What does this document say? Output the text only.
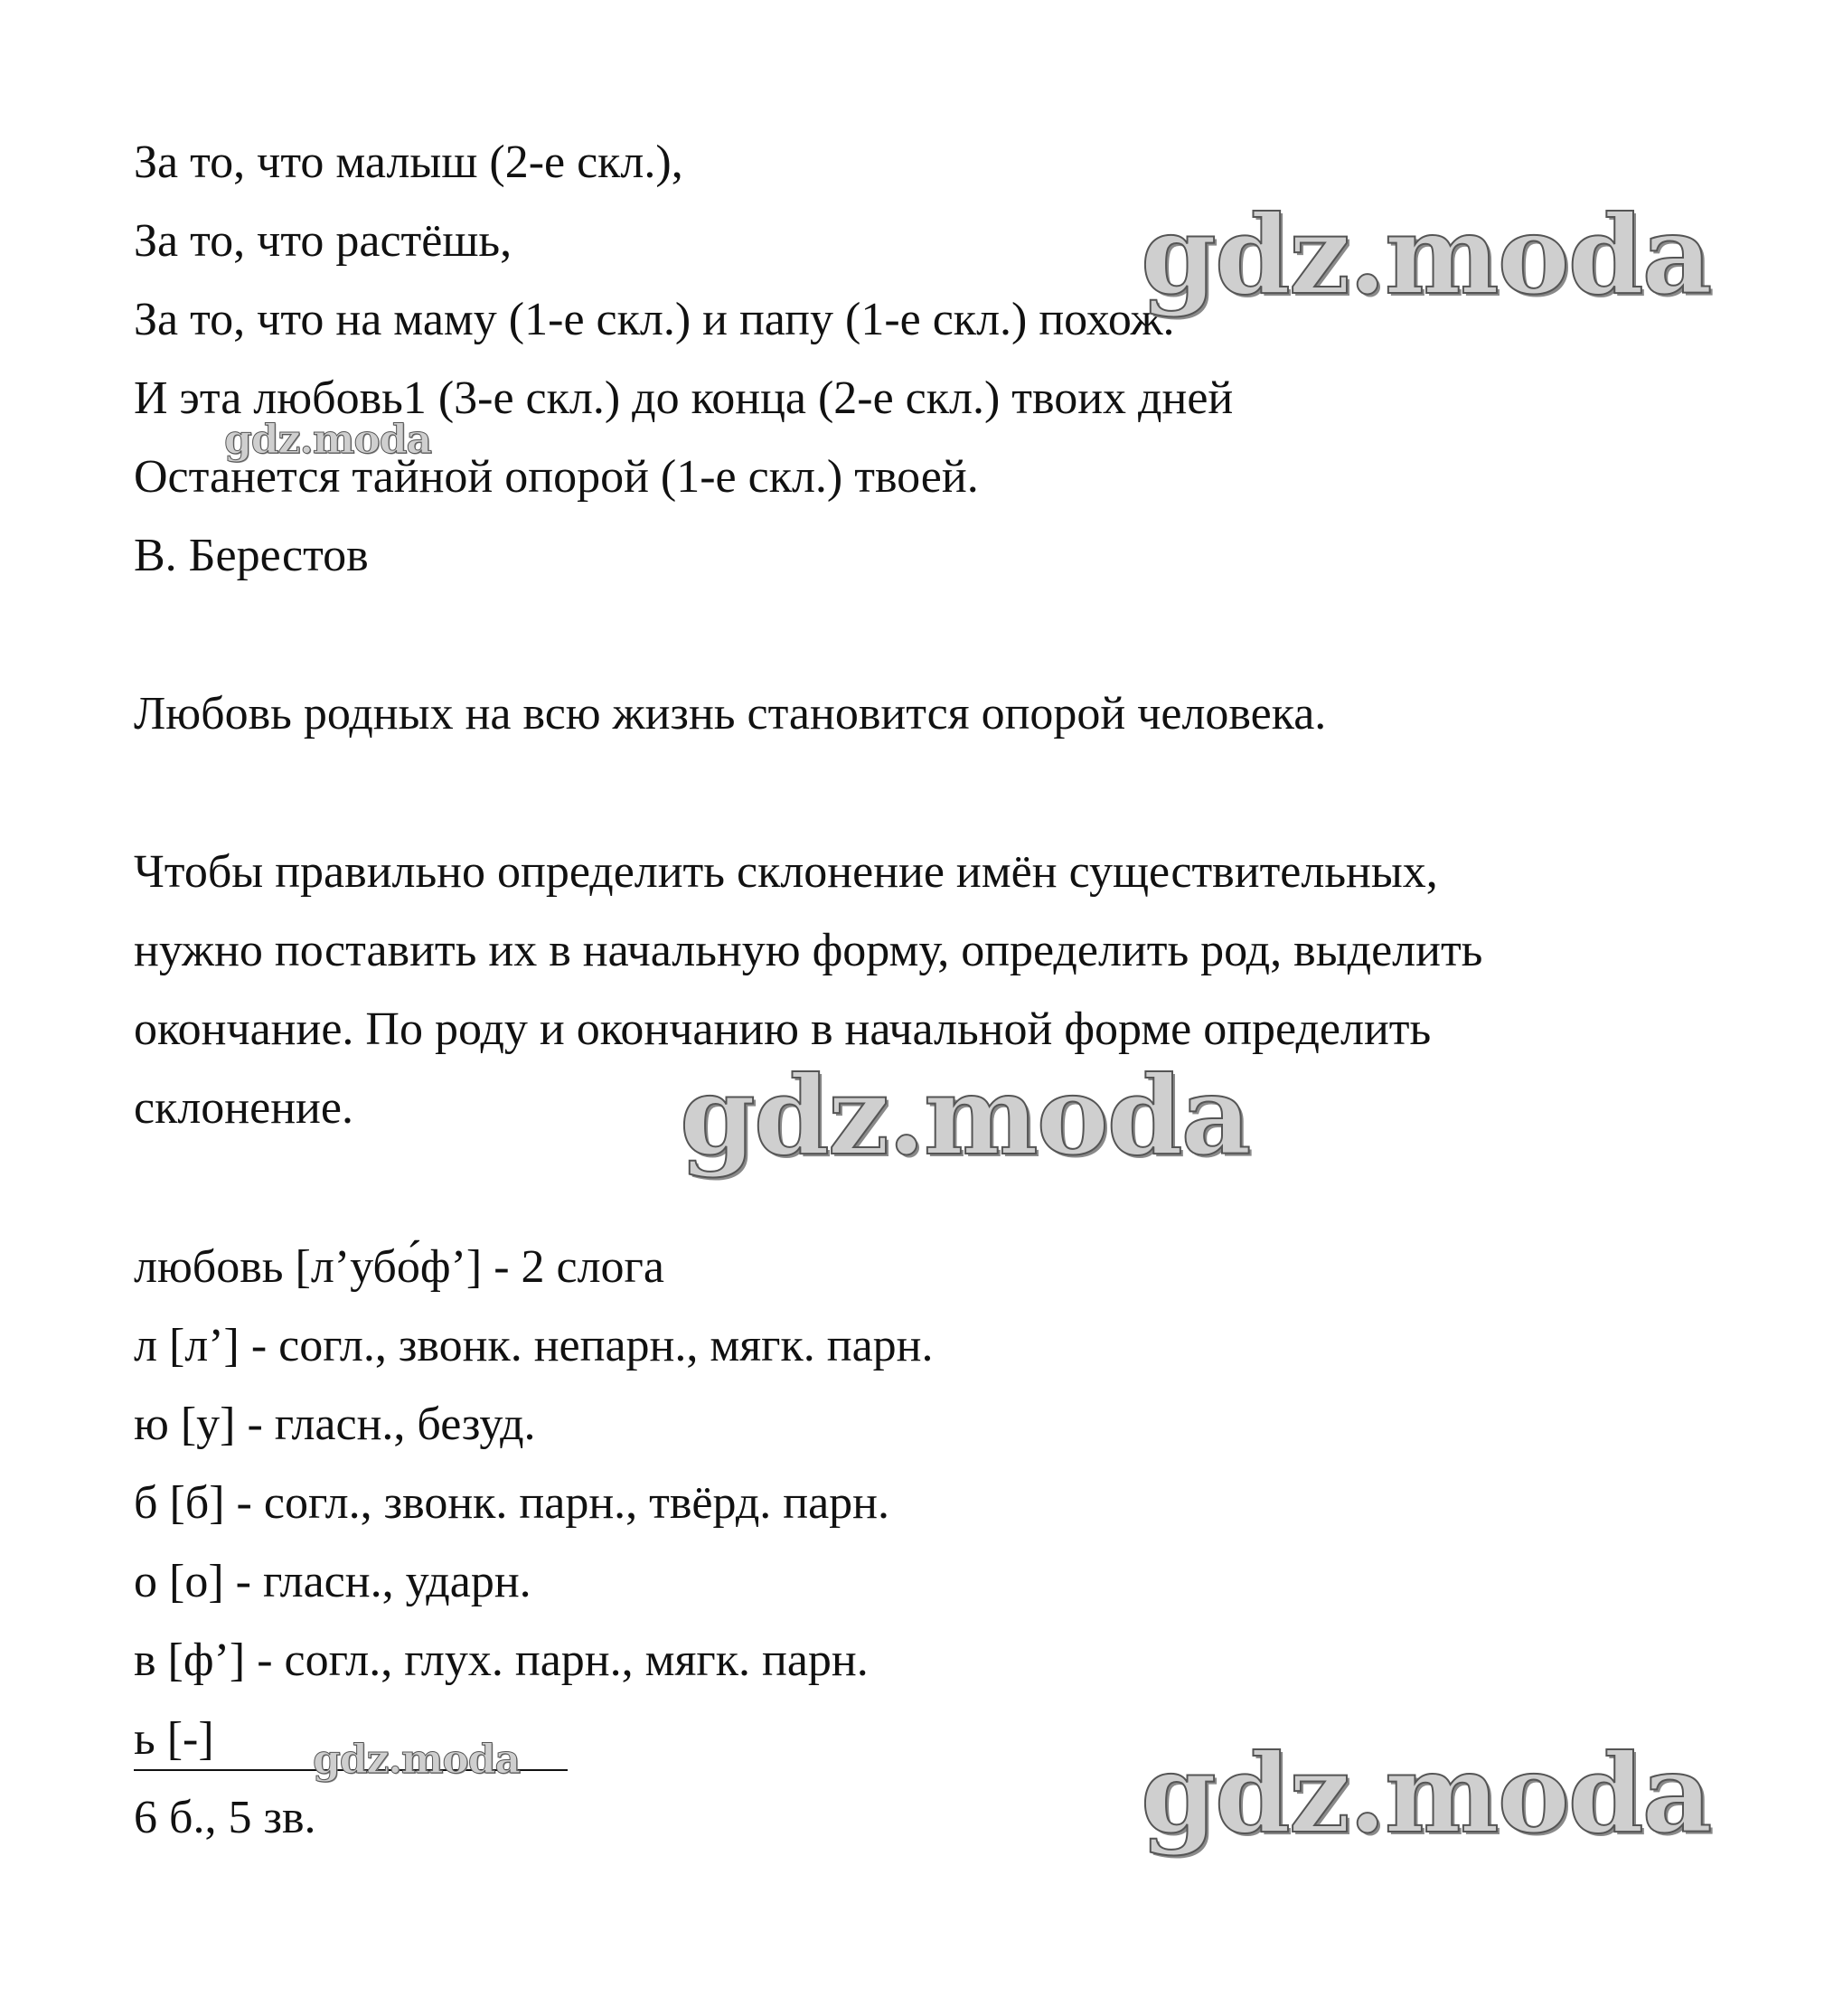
За то, что малыш (2-е скл.),
За то, что растёшь,
За то, что на маму (1-е скл.) и папу (1-е скл.) похож.
И эта любовь1 (3-е скл.) до конца (2-е скл.) твоих дней
Останется тайной опорой (1-е скл.) твоей.
В. Берестов
Любовь родных на всю жизнь становится опорой человека.
Чтобы правильно определить склонение имён существительных,
нужно поставить их в начальную форму, определить род, выделить
окончание. По роду и окончанию в начальной форме определить
склонение.
любовь [л’убо́ф’] - 2 слога
л [л’] - согл., звонк. непарн., мягк. парн.
ю [у] - гласн., безуд.
б [б] - согл., звонк. парн., твёрд. парн.
о [о] - гласн., ударн.
в [ф’] - согл., глух. парн., мягк. парн.
ь [-]
6 б., 5 зв.
gdz.moda
gdz.moda
gdz.moda
gdz.moda	gdz.moda
